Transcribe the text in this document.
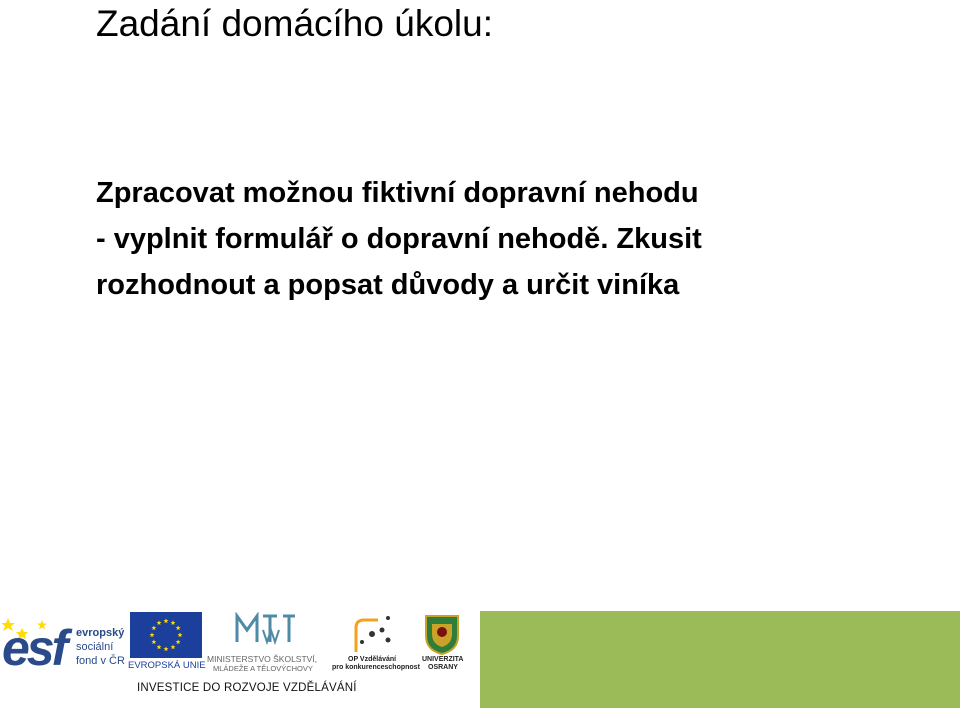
Zadání domácího úkolu:
Zpracovat možnou fiktivní dopravní nehodu
- vyplnit formulář o dopravní nehodě. Zkusit
rozhodnout a popsat důvody a určit viníka
esf evropský
sociální
fond v ČR EVROPSKÁ UNIE
MINISTERSTVO ŠKOLSTVÍ,
MLÁDEŽE A TĚLOVÝCHOVY
OP Vzdělávání
pro konkurenceschopnost
UNIVERZITA
OSRANY
INVESTICE DO ROZVOJE VZDĚLÁVÁNÍ
